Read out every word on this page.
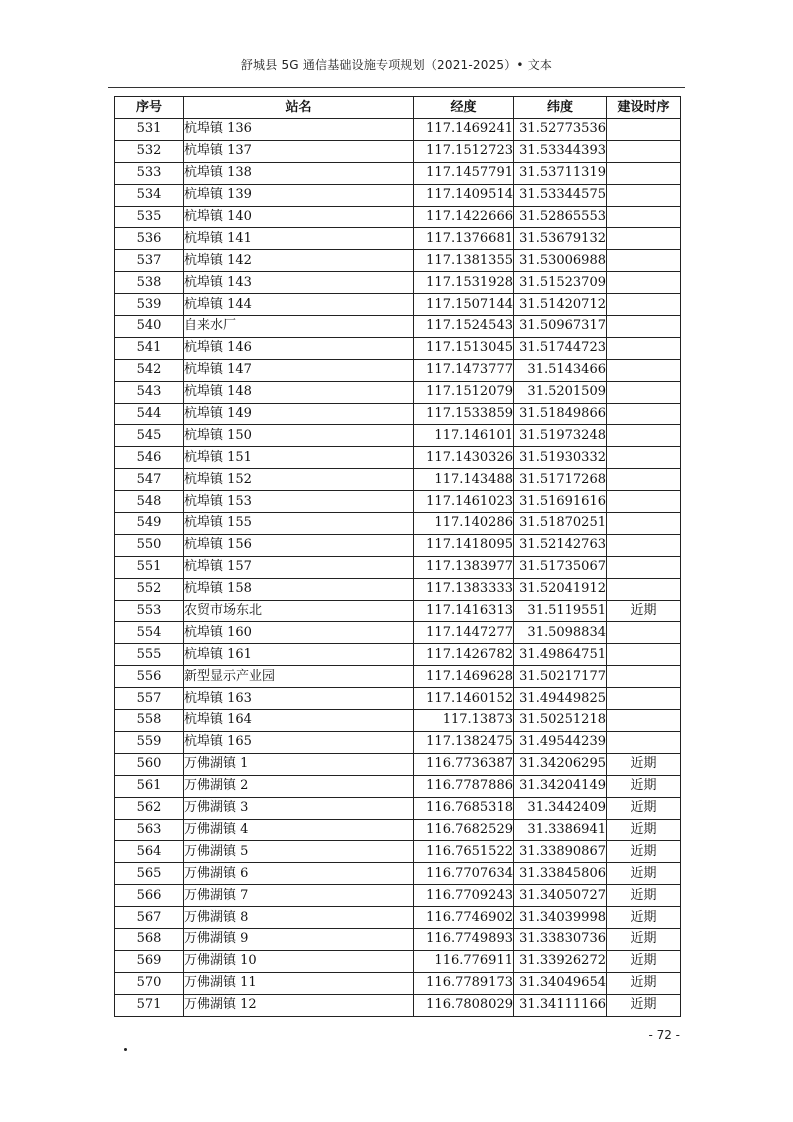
舒城县 5G 通信基础设施专项规划（2021-2025）• 文本
序号	站名	经度	纬度	建设时序
531	杭埠镇 136	117.1469241	31.52773536	
532	杭埠镇 137	117.1512723	31.53344393	
533	杭埠镇 138	117.1457791	31.53711319	
534	杭埠镇 139	117.1409514	31.53344575	
535	杭埠镇 140	117.1422666	31.52865553	
536	杭埠镇 141	117.1376681	31.53679132	
537	杭埠镇 142	117.1381355	31.53006988	
538	杭埠镇 143	117.1531928	31.51523709	
539	杭埠镇 144	117.1507144	31.51420712	
540	自来水厂	117.1524543	31.50967317	
541	杭埠镇 146	117.1513045	31.51744723	
542	杭埠镇 147	117.1473777	31.5143466	
543	杭埠镇 148	117.1512079	31.5201509	
544	杭埠镇 149	117.1533859	31.51849866	
545	杭埠镇 150	117.146101	31.51973248	
546	杭埠镇 151	117.1430326	31.51930332	
547	杭埠镇 152	117.143488	31.51717268	
548	杭埠镇 153	117.1461023	31.51691616	
549	杭埠镇 155	117.140286	31.51870251	
550	杭埠镇 156	117.1418095	31.52142763	
551	杭埠镇 157	117.1383977	31.51735067	
552	杭埠镇 158	117.1383333	31.52041912	
553	农贸市场东北	117.1416313	31.5119551	近期
554	杭埠镇 160	117.1447277	31.5098834	
555	杭埠镇 161	117.1426782	31.49864751	
556	新型显示产业园	117.1469628	31.50217177	
557	杭埠镇 163	117.1460152	31.49449825	
558	杭埠镇 164	117.13873	31.50251218	
559	杭埠镇 165	117.1382475	31.49544239	
560	万佛湖镇 1	116.7736387	31.34206295	近期
561	万佛湖镇 2	116.7787886	31.34204149	近期
562	万佛湖镇 3	116.7685318	31.3442409	近期
563	万佛湖镇 4	116.7682529	31.3386941	近期
564	万佛湖镇 5	116.7651522	31.33890867	近期
565	万佛湖镇 6	116.7707634	31.33845806	近期
566	万佛湖镇 7	116.7709243	31.34050727	近期
567	万佛湖镇 8	116.7746902	31.34039998	近期
568	万佛湖镇 9	116.7749893	31.33830736	近期
569	万佛湖镇 10	116.776911	31.33926272	近期
570	万佛湖镇 11	116.7789173	31.34049654	近期
571	万佛湖镇 12	116.7808029	31.34111166	近期
- 72 -
